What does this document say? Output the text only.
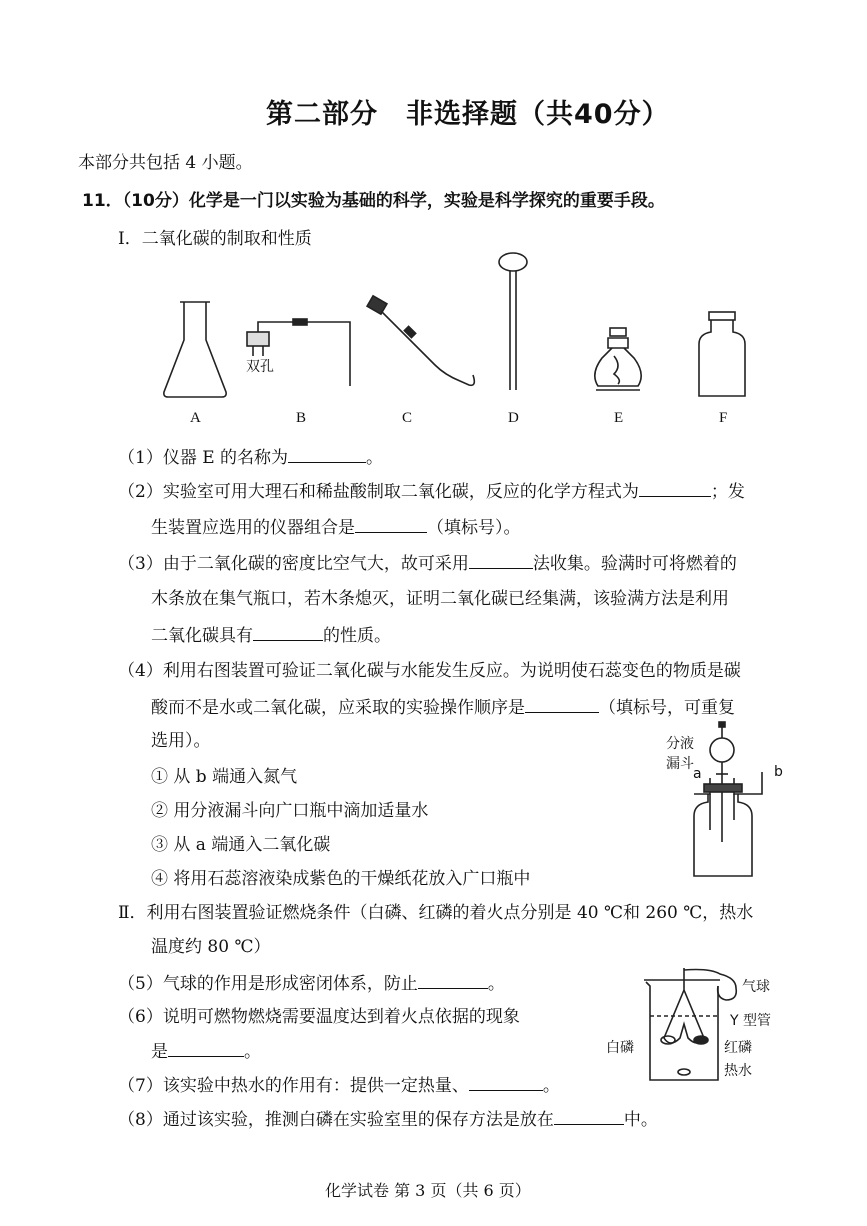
第二部分　非选择题（共40分）
本部分共包括 4 小题。
11．（10分）化学是一门以实验为基础的科学，实验是科学探究的重要手段。
Ⅰ．二氧化碳的制取和性质
双孔
A	B	C	D	E	F
（1）仪器 E 的名称为	。
（2）实验室可用大理石和稀盐酸制取二氧化碳，反应的化学方程式为	；发
生装置应选用的仪器组合是	（填标号）。
（3）由于二氧化碳的密度比空气大，故可采用	法收集。验满时可将燃着的
木条放在集气瓶口，若木条熄灭，证明二氧化碳已经集满，该验满方法是利用
二氧化碳具有	的性质。
（4）利用右图装置可验证二氧化碳与水能发生反应。为说明使石蕊变色的物质是碳
酸而不是水或二氧化碳，应采取的实验操作顺序是	（填标号，可重复
选用）。
① 从 b 端通入氮气
② 用分液漏斗向广口瓶中滴加适量水
③ 从 a 端通入二氧化碳
④ 将用石蕊溶液染成紫色的干燥纸花放入广口瓶中
分液
漏斗
a	b
Ⅱ．利用右图装置验证燃烧条件（白磷、红磷的着火点分别是 40 ℃和 260 ℃，热水
温度约 80 ℃）
（5）气球的作用是形成密闭体系，防止	。
（6）说明可燃物燃烧需要温度达到着火点依据的现象
是	。
（7）该实验中热水的作用有：提供一定热量、	。
（8）通过该实验，推测白磷在实验室里的保存方法是放在	中。
气球
Y 型管
白磷	红磷
热水
化学试卷 第 3 页（共 6 页）
